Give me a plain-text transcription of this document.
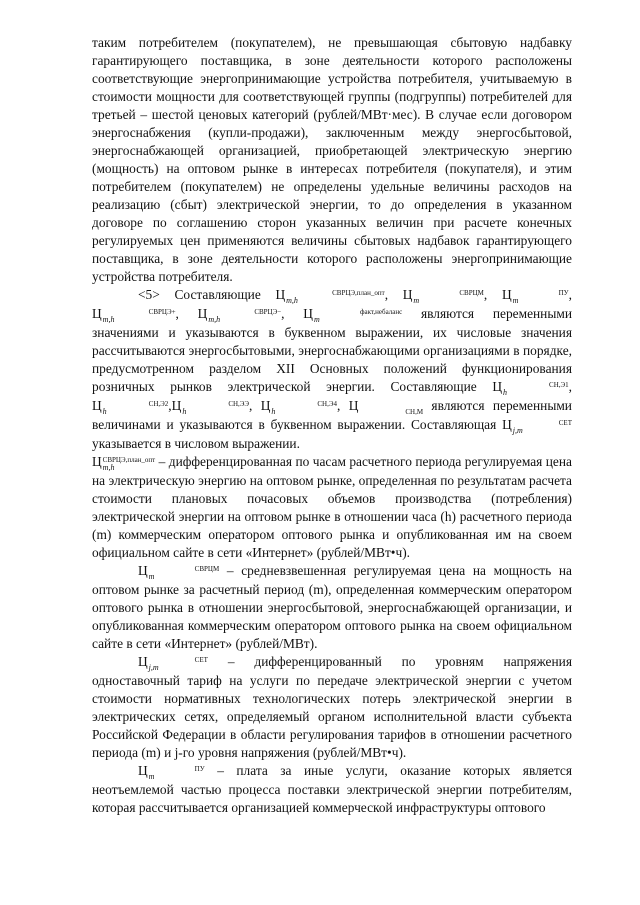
таким потребителем (покупателем), не превышающая сбытовую надбавку гарантирующего поставщика, в зоне деятельности которого расположены соответствующие энергопринимающие устройства потребителя, учитываемую в стоимости мощности для соответствующей группы (подгруппы) потребителей для третьей – шестой ценовых категорий (рублей/МВт·мес). В случае если договором энергоснабжения (купли-продажи), заключенным между энергосбытовой, энергоснабжающей организацией, приобретающей электрическую энергию (мощность) на оптовом рынке в интересах потребителя (покупателя), и этим потребителем (покупателем) не определены удельные величины расходов на реализацию (сбыт) электрической энергии, то до определения в указанном договоре по соглашению сторон указанных величин при расчете конечных регулируемых цен применяются величины сбытовых надбавок гарантирующего поставщика, в зоне деятельности которого расположены энергопринимающие устройства потребителя.

<5> Составляющие Ц	СВРЦЭ,план_опт
m,h	, Ц	СВРЦМ
m	, Ц	ПУ
m	, Ц	СВРЦЭ+
m,h	, Ц	СВРЦЭ−
m,h	, Ц	факт,небаланс
m	являются переменными значениями и указываются в буквенном выражении, их числовые значения рассчитываются энергосбытовыми, энергоснабжающими организациями в порядке, предусмотренном разделом XII Основных положений функционирования розничных рынков электрической энергии. Составляющие Ц	СН,Э1
h	, Ц	СН,Э2
h	,Ц	СН,ЭЭ
h	, Ц	СН,Э4
h	, Ц	СН,М являются переменными величинами и указываются в буквенном выражении. Составляющая Ц	СЕТ
j,m указывается в числовом выражении.

ЦСВРЦЭ,план_опт
m,h	– дифференцированная по часам расчетного периода регулируемая цена на электрическую энергию на оптовом рынке, определенная по результатам расчета стоимости плановых почасовых объемов производства (потребления) электрической энергии на оптовом рынке в отношении часа (h) расчетного периода (m) коммерческим оператором оптового рынка и опубликованная им на своем официальном сайте в сети «Интернет» (рублей/МВт•ч).

Ц	СВРЦМ
m	– средневзвешенная регулируемая цена на мощность на оптовом рынке за расчетный период (m), определенная коммерческим оператором оптового рынка в отношении энергосбытовой, энергоснабжающей организации, и опубликованная коммерческим оператором оптового рынка на своем официальном сайте в сети «Интернет» (рублей/МВт).

Ц	СЕТ
j,m	– дифференцированный по уровням напряжения одноставочный тариф на услуги по передаче электрической энергии с учетом стоимости нормативных технологических потерь электрической энергии в электрических сетях, определяемый органом исполнительной власти субъекта Российской Федерации в области регулирования тарифов в отношении расчетного периода (m) и j-го уровня напряжения (рублей/МВт•ч).

Ц	ПУ
m	– плата за иные услуги, оказание которых является неотъемлемой частью процесса поставки электрической энергии потребителям, которая рассчитывается организацией коммерческой инфраструктуры оптового
